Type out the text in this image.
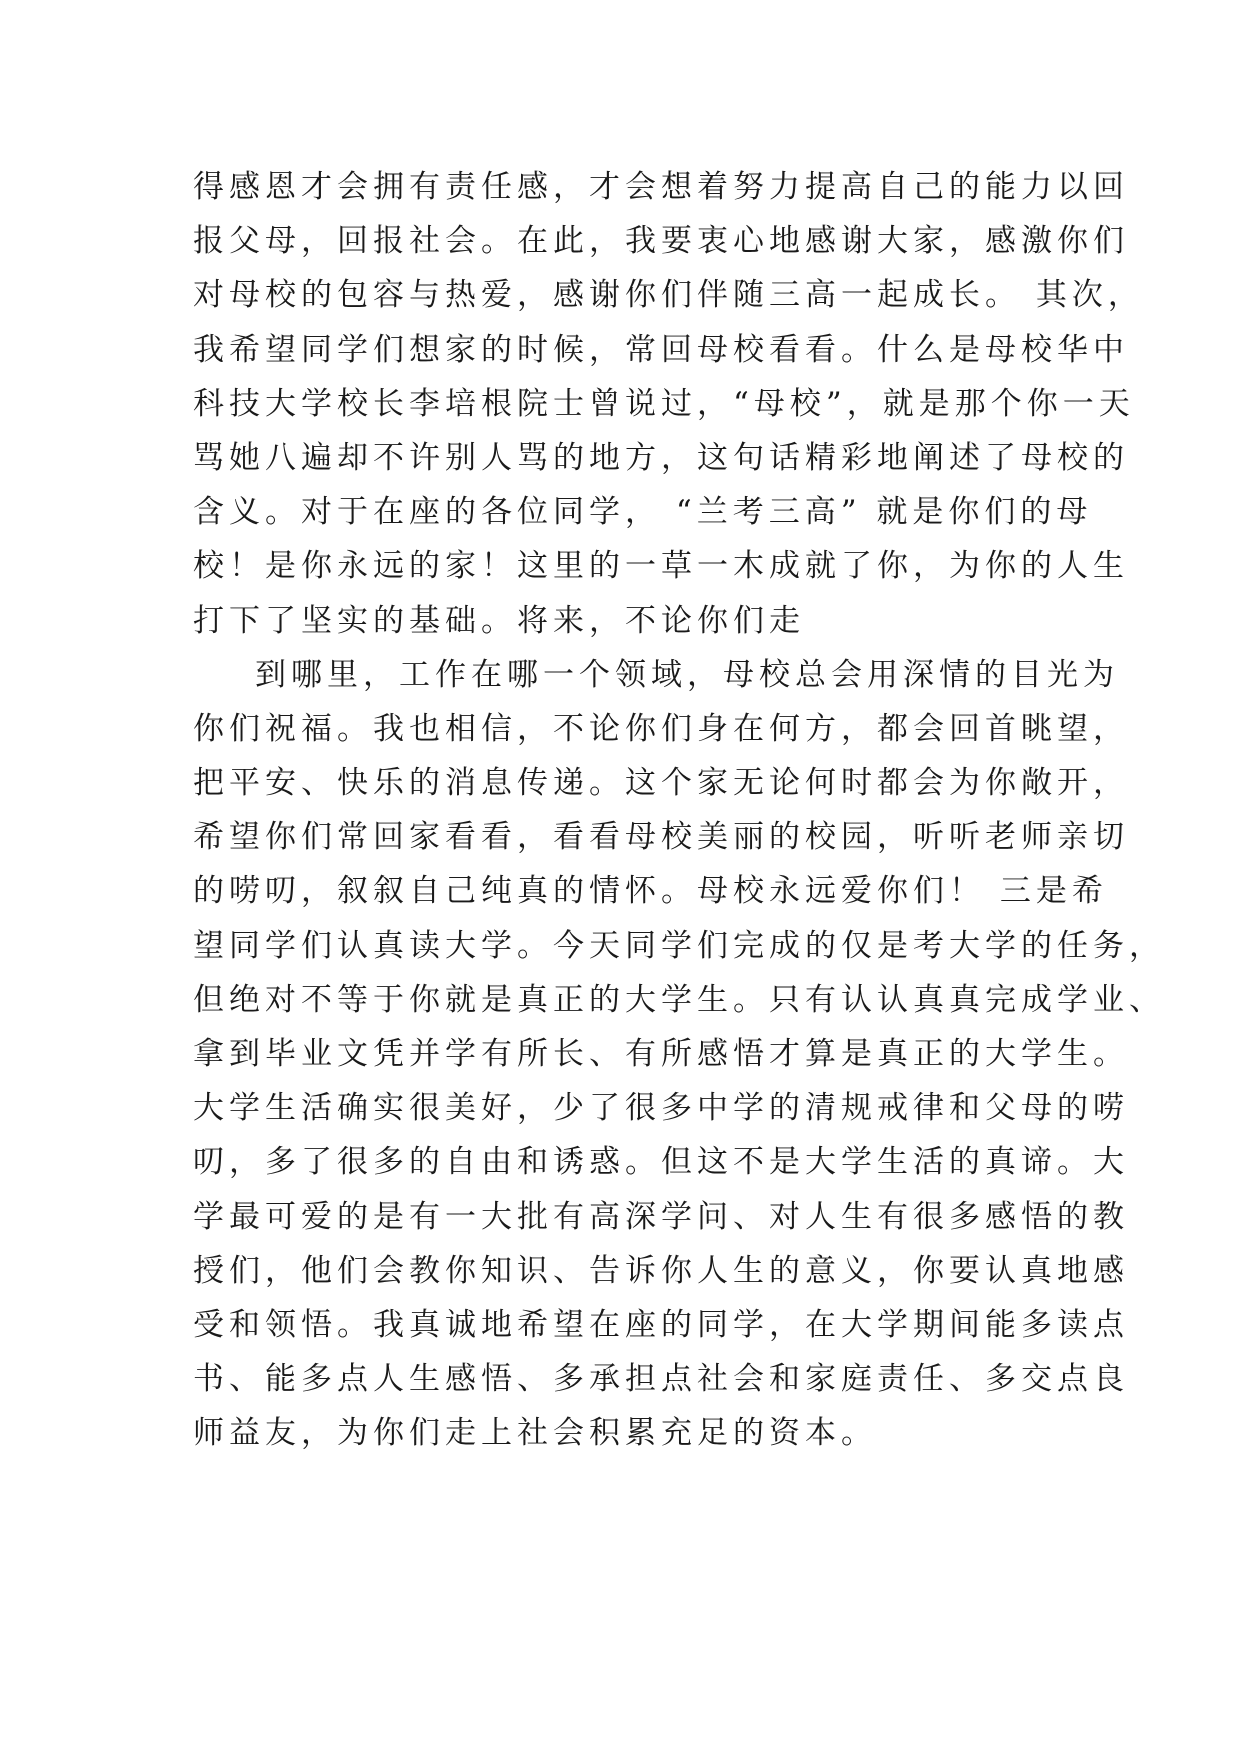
得感恩才会拥有责任感，才会想着努力提高自己的能力以回
报父母，回报社会。在此，我要衷心地感谢大家，感激你们
对母校的包容与热爱，感谢你们伴随三高一起成长。 其次，
我希望同学们想家的时候，常回母校看看。什么是母校华中
科技大学校长李培根院士曾说过，“母校”，就是那个你一天
骂她八遍却不许别人骂的地方，这句话精彩地阐述了母校的
含义。对于在座的各位同学， “兰考三高” 就是你们的母
校！是你永远的家！这里的一草一木成就了你，为你的人生
打下了坚实的基础。将来，不论你们走
到哪里，工作在哪一个领域，母校总会用深情的目光为
你们祝福。我也相信，不论你们身在何方，都会回首眺望，
把平安、快乐的消息传递。这个家无论何时都会为你敞开，
希望你们常回家看看，看看母校美丽的校园，听听老师亲切
的唠叨，叙叙自己纯真的情怀。母校永远爱你们！ 三是希
望同学们认真读大学。今天同学们完成的仅是考大学的任务，
但绝对不等于你就是真正的大学生。只有认认真真完成学业、
拿到毕业文凭并学有所长、有所感悟才算是真正的大学生。
大学生活确实很美好，少了很多中学的清规戒律和父母的唠
叨，多了很多的自由和诱惑。但这不是大学生活的真谛。大
学最可爱的是有一大批有高深学问、对人生有很多感悟的教
授们，他们会教你知识、告诉你人生的意义，你要认真地感
受和领悟。我真诚地希望在座的同学，在大学期间能多读点
书、能多点人生感悟、多承担点社会和家庭责任、多交点良
师益友，为你们走上社会积累充足的资本。
